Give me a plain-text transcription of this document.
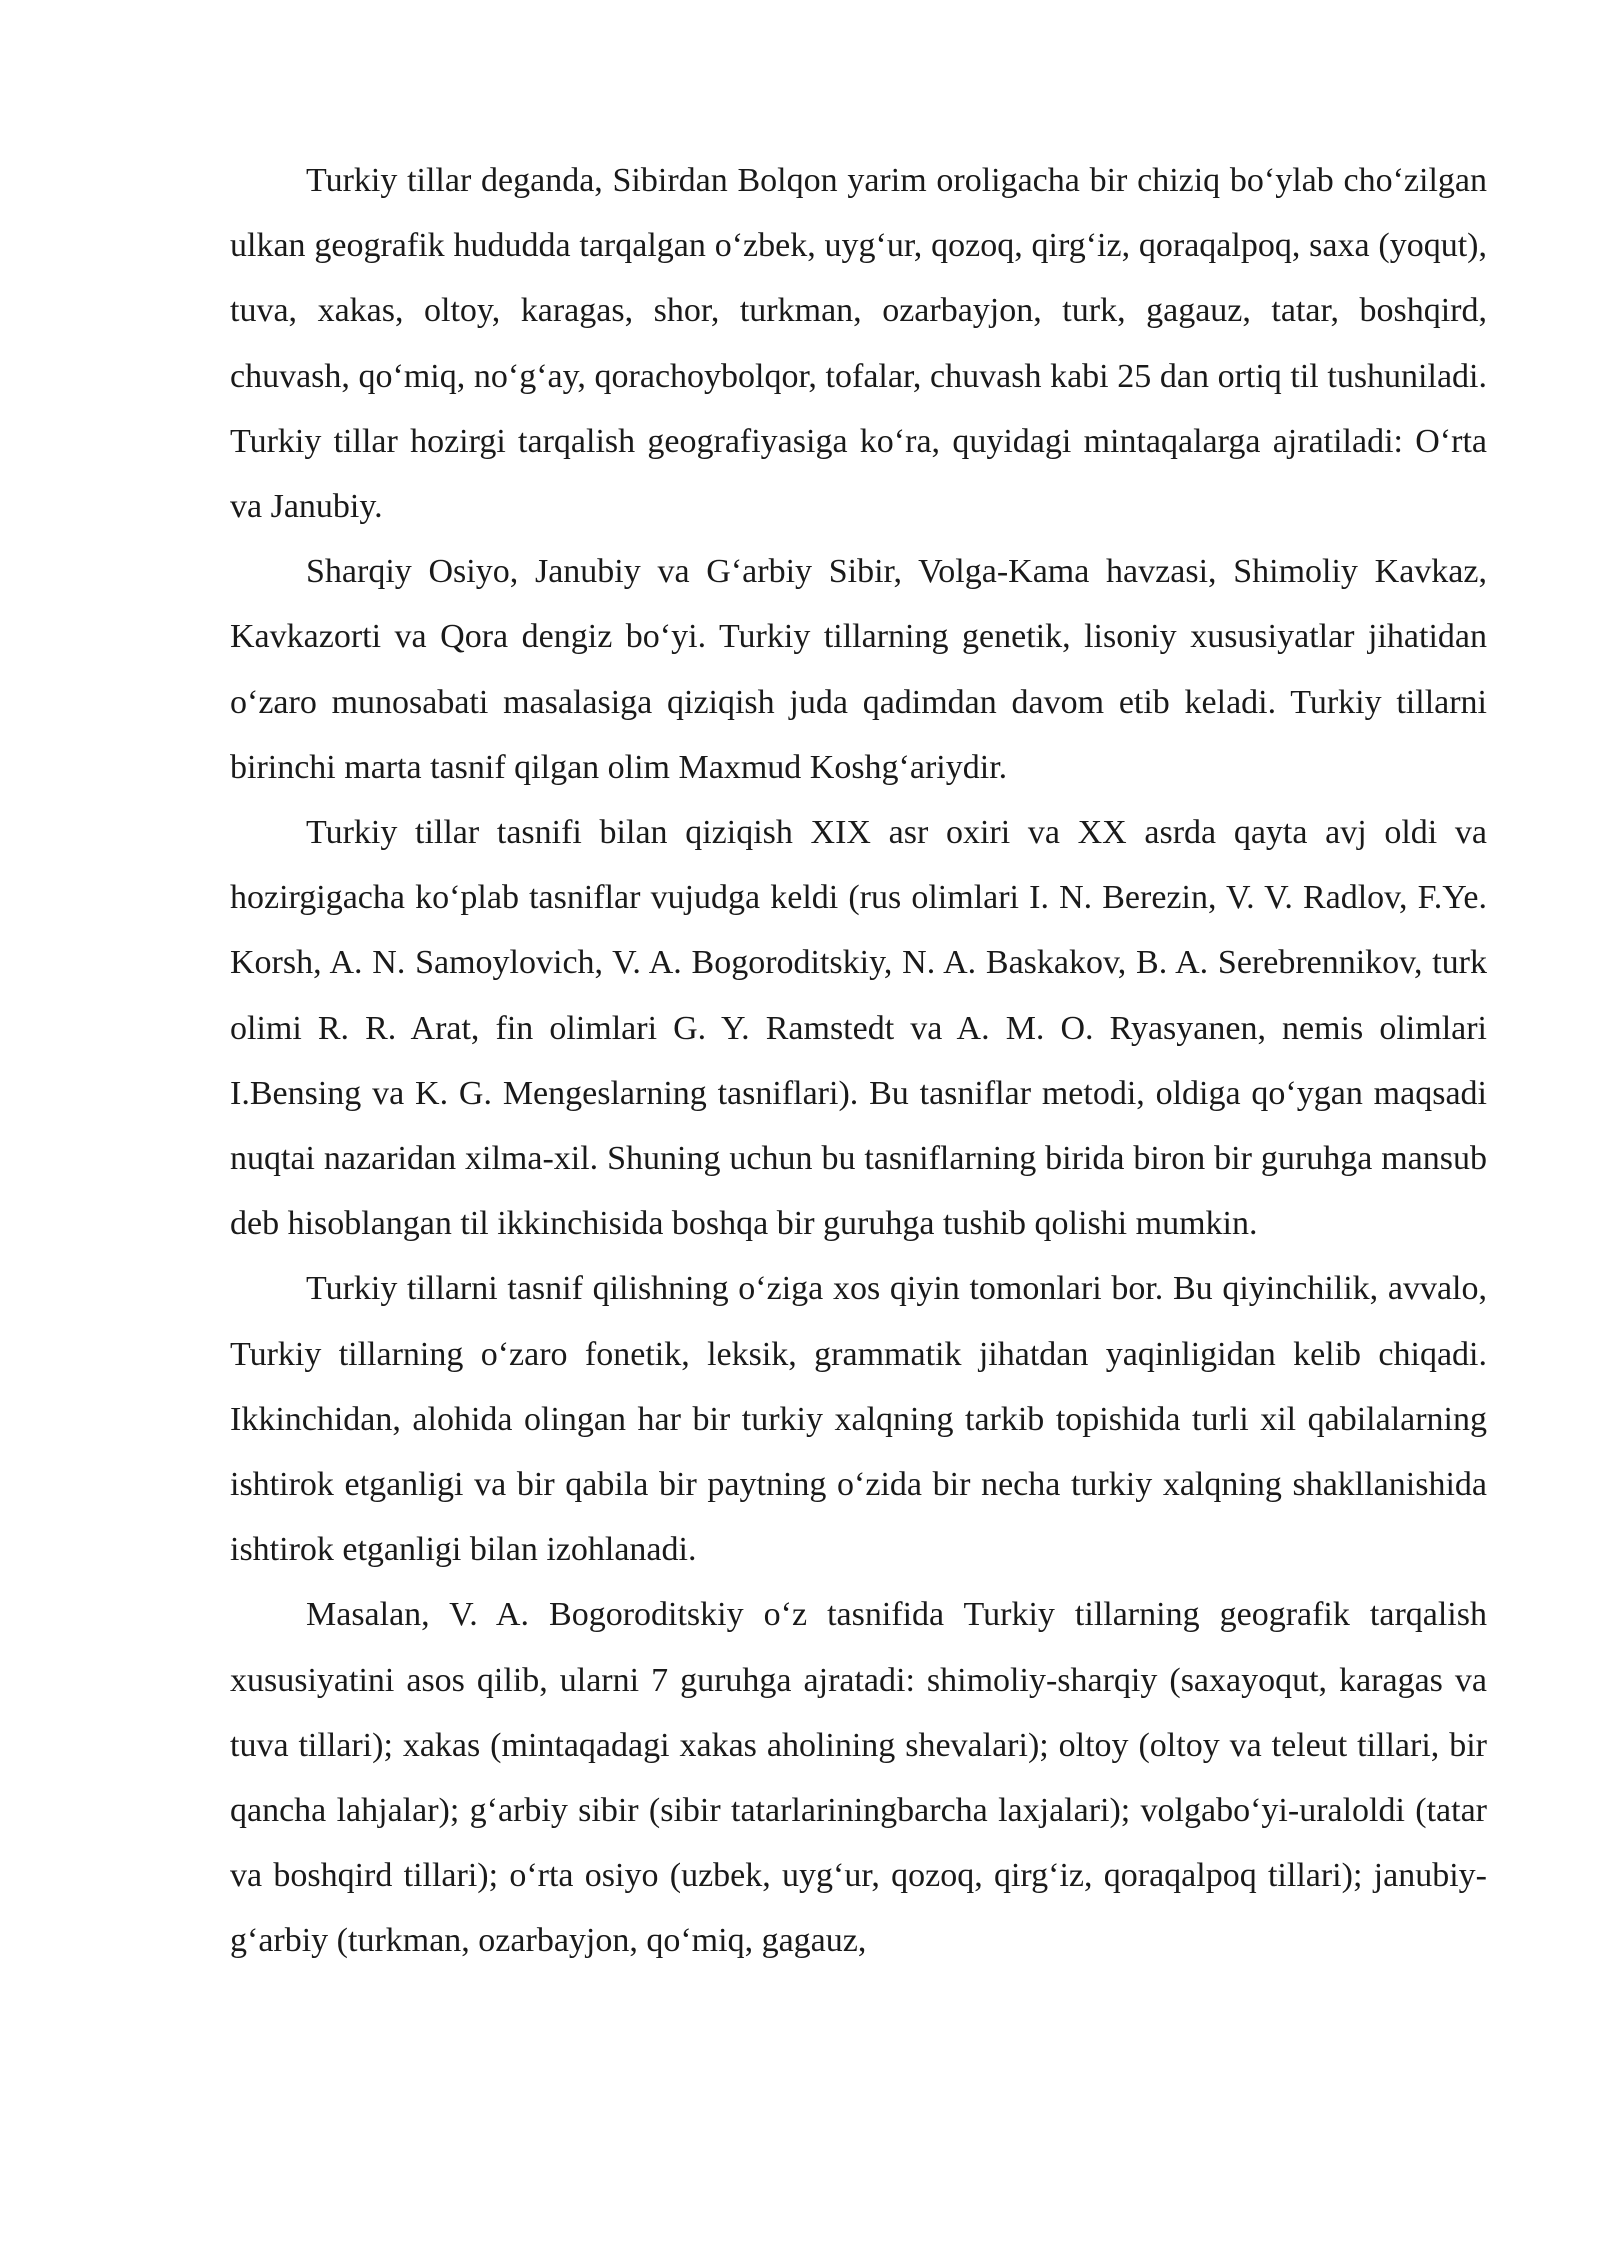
Turkiy tillar deganda, Sibirdan Bolqon yarim oroligacha bir chiziq bo‘ylab cho‘zilgan ulkan geografik hududda tarqalgan o‘zbek, uyg‘ur, qozoq, qirg‘iz, qoraqalpoq, saxa (yoqut), tuva, xakas, oltoy, karagas, shor, turkman, ozarbayjon, turk, gagauz, tatar, boshqird, chuvash, qo‘miq, no‘g‘ay, qorachoybolqor, tofalar, chuvash kabi 25 dan ortiq til tushuniladi. Turkiy tillar hozirgi tarqalish geografiyasiga ko‘ra, quyidagi mintaqalarga ajratiladi: O‘rta va Janubiy.

Sharqiy Osiyo, Janubiy va G‘arbiy Sibir, Volga-Kama havzasi, Shimoliy Kavkaz, Kavkazorti va Qora dengiz bo‘yi. Turkiy tillarning genetik, lisoniy xususiyatlar jihatidan o‘zaro munosabati masalasiga qiziqish juda qadimdan davom etib keladi. Turkiy tillarni birinchi marta tasnif qilgan olim Maxmud Koshg‘ariydir.

Turkiy tillar tasnifi bilan qiziqish XIX asr oxiri va XX asrda qayta avj oldi va hozirgigacha ko‘plab tasniflar vujudga keldi (rus olimlari I. N. Berezin, V. V. Radlov, F.Ye. Korsh, A. N. Samoylovich, V. A. Bogoroditskiy, N. A. Baskakov, B. A. Serebrennikov, turk olimi R. R. Arat, fin olimlari G. Y. Ramstedt va A. M. O. Ryasyanen, nemis olimlari I.Bensing va K. G. Mengeslarning tasniflari). Bu tasniflar metodi, oldiga qo‘ygan maqsadi nuqtai nazaridan xilma-xil. Shuning uchun bu tasniflarning birida biron bir guruhga mansub deb hisoblangan til ikkinchisida boshqa bir guruhga tushib qolishi mumkin.

Turkiy tillarni tasnif qilishning o‘ziga xos qiyin tomonlari bor. Bu qiyinchilik, avvalo, Turkiy tillarning o‘zaro fonetik, leksik, grammatik jihatdan yaqinligidan kelib chiqadi. Ikkinchidan, alohida olingan har bir turkiy xalqning tarkib topishida turli xil qabilalarning ishtirok etganligi va bir qabila bir paytning o‘zida bir necha turkiy xalqning shakllanishida ishtirok etganligi bilan izohlanadi.

Masalan, V. A. Bogoroditskiy o‘z tasnifida Turkiy tillarning geografik tarqalish xususiyatini asos qilib, ularni 7 guruhga ajratadi: shimoliy-sharqiy (saxayoqut, karagas va tuva tillari); xakas (mintaqadagi xakas aholining shevalari); oltoy (oltoy va teleut tillari, bir qancha lahjalar); g‘arbiy sibir (sibir tatarlariningbarcha laxjalari); volgabo‘yi-uraloldi (tatar va boshqird tillari); o‘rta osiyo (uzbek, uyg‘ur, qozoq, qirg‘iz, qoraqalpoq tillari); janubiy-g‘arbiy (turkman, ozarbayjon, qo‘miq, gagauz,
